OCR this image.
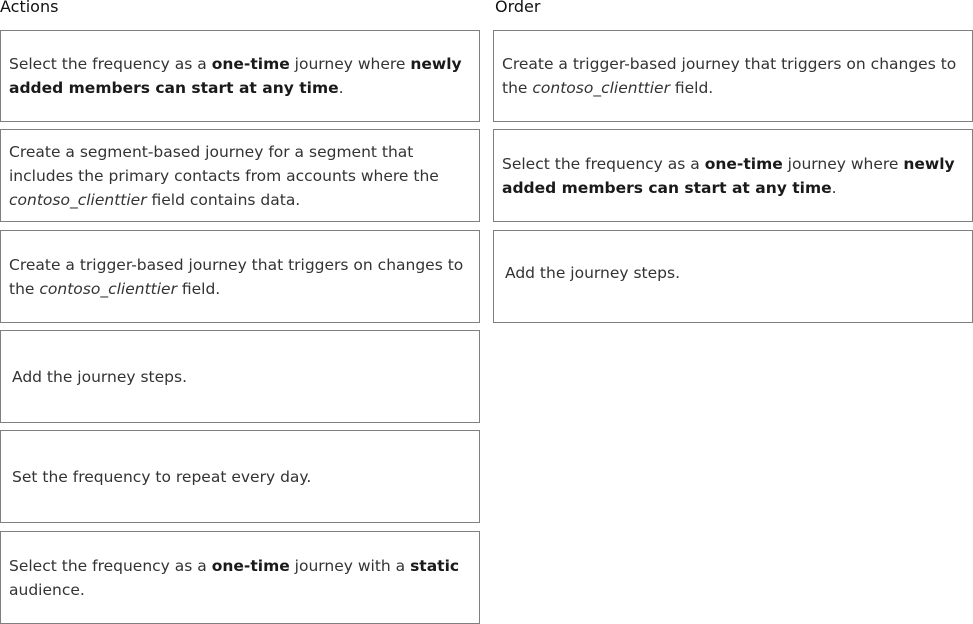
Actions	Order
Select the frequency as a one-time journey where newly added members can start at any time.
Create a segment-based journey for a segment that includes the primary contacts from accounts where the contoso_clienttier field contains data.
Create a trigger-based journey that triggers on changes to the contoso_clienttier field.
Add the journey steps.
Set the frequency to repeat every day.
Select the frequency as a one-time journey with a static audience.
Create a trigger-based journey that triggers on changes to the contoso_clienttier field.
Select the frequency as a one-time journey where newly added members can start at any time.
Add the journey steps.
